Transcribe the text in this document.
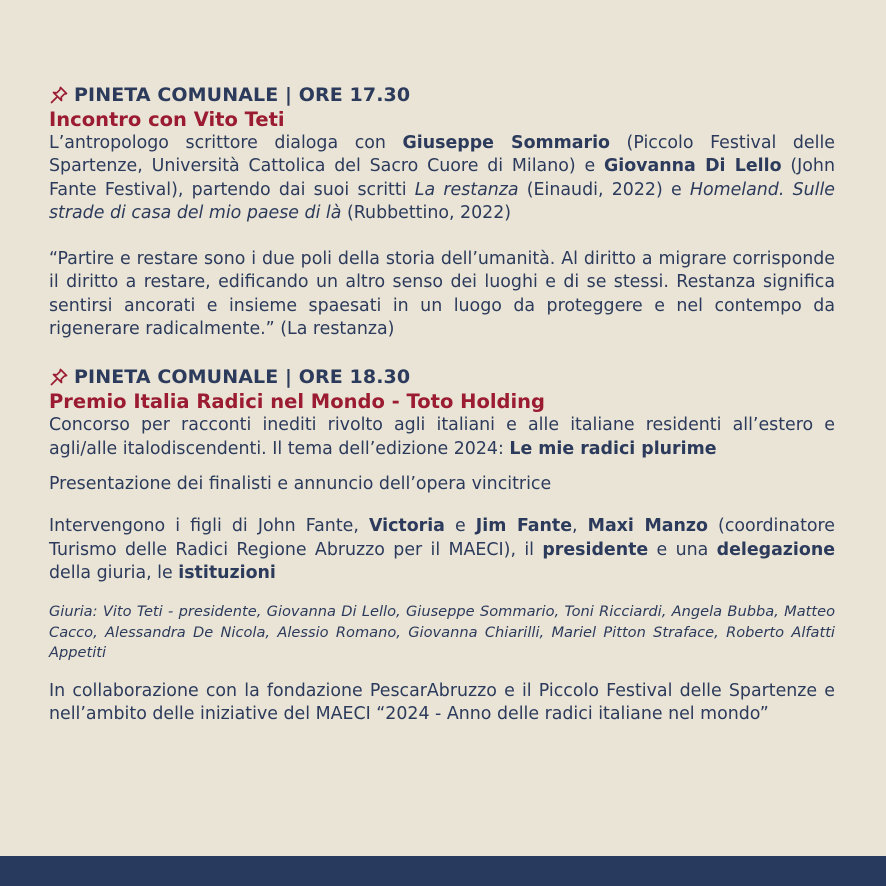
PINETA COMUNALE | ORE 17.30
Incontro con Vito Teti

L’antropologo scrittore dialoga con Giuseppe Sommario (Piccolo Festival delle Spartenze, Università Cattolica del Sacro Cuore di Milano) e Giovanna Di Lello (John Fante Festival), partendo dai suoi scritti La restanza (Einaudi, 2022) e Homeland. Sulle strade di casa del mio paese di là (Rubbettino, 2022)

“Partire e restare sono i due poli della storia dell’umanità. Al diritto a migrare corrisponde il diritto a restare, edificando un altro senso dei luoghi e di se stessi. Restanza significa sentirsi ancorati e insieme spaesati in un luogo da proteggere e nel contempo da rigenerare radicalmente.” (La restanza)

PINETA COMUNALE | ORE 18.30
Premio Italia Radici nel Mondo - Toto Holding

Concorso per racconti inediti rivolto agli italiani e alle italiane residenti all’estero e agli/alle italodiscendenti. Il tema dell’edizione 2024: Le mie radici plurime

Presentazione dei finalisti e annuncio dell’opera vincitrice

Intervengono i figli di John Fante, Victoria e Jim Fante, Maxi Manzo (coordinatore Turismo delle Radici Regione Abruzzo per il MAECI), il presidente e una delegazione della giuria, le istituzioni

Giuria: Vito Teti - presidente, Giovanna Di Lello, Giuseppe Sommario, Toni Ricciardi, Angela Bubba, Matteo Cacco, Alessandra De Nicola, Alessio Romano, Giovanna Chiarilli, Mariel Pitton Straface, Roberto Alfatti Appetiti

In collaborazione con la fondazione PescarAbruzzo e il Piccolo Festival delle Spartenze e nell’ambito delle iniziative del MAECI “2024 - Anno delle radici italiane nel mondo”
